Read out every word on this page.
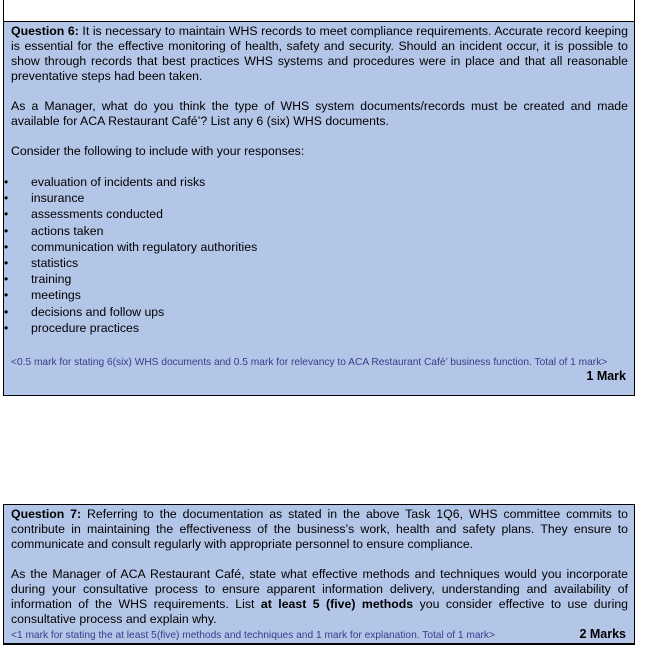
Question 6: It is necessary to maintain WHS records to meet compliance requirements. Accurate record keeping is essential for the effective monitoring of health, safety and security. Should an incident occur, it is possible to show through records that best practices WHS systems and procedures were in place and that all reasonable preventative steps had been taken.

As a Manager, what do you think the type of WHS system documents/records must be created and made available for ACA Restaurant Café’? List any 6 (six) WHS documents.

Consider the following to include with your responses:

• evaluation of incidents and risks
• insurance
• assessments conducted
• actions taken
• communication with regulatory authorities
• statistics
• training
• meetings
• decisions and follow ups
• procedure practices

<0.5 mark for stating 6(six) WHS documents and 0.5 mark for relevancy to ACA Restaurant Café’ business function. Total of 1 mark>

1 Mark

Question 7: Referring to the documentation as stated in the above Task 1Q6, WHS committee commits to contribute in maintaining the effectiveness of the business’s work, health and safety plans. They ensure to communicate and consult regularly with appropriate personnel to ensure compliance.

As the Manager of ACA Restaurant Café, state what effective methods and techniques would you incorporate during your consultative process to ensure apparent information delivery, understanding and availability of information of the WHS requirements. List at least 5 (five) methods you consider effective to use during consultative process and explain why.

<1 mark for stating the at least 5(five) methods and techniques and 1 mark for explanation. Total of 1 mark>	2 Marks
